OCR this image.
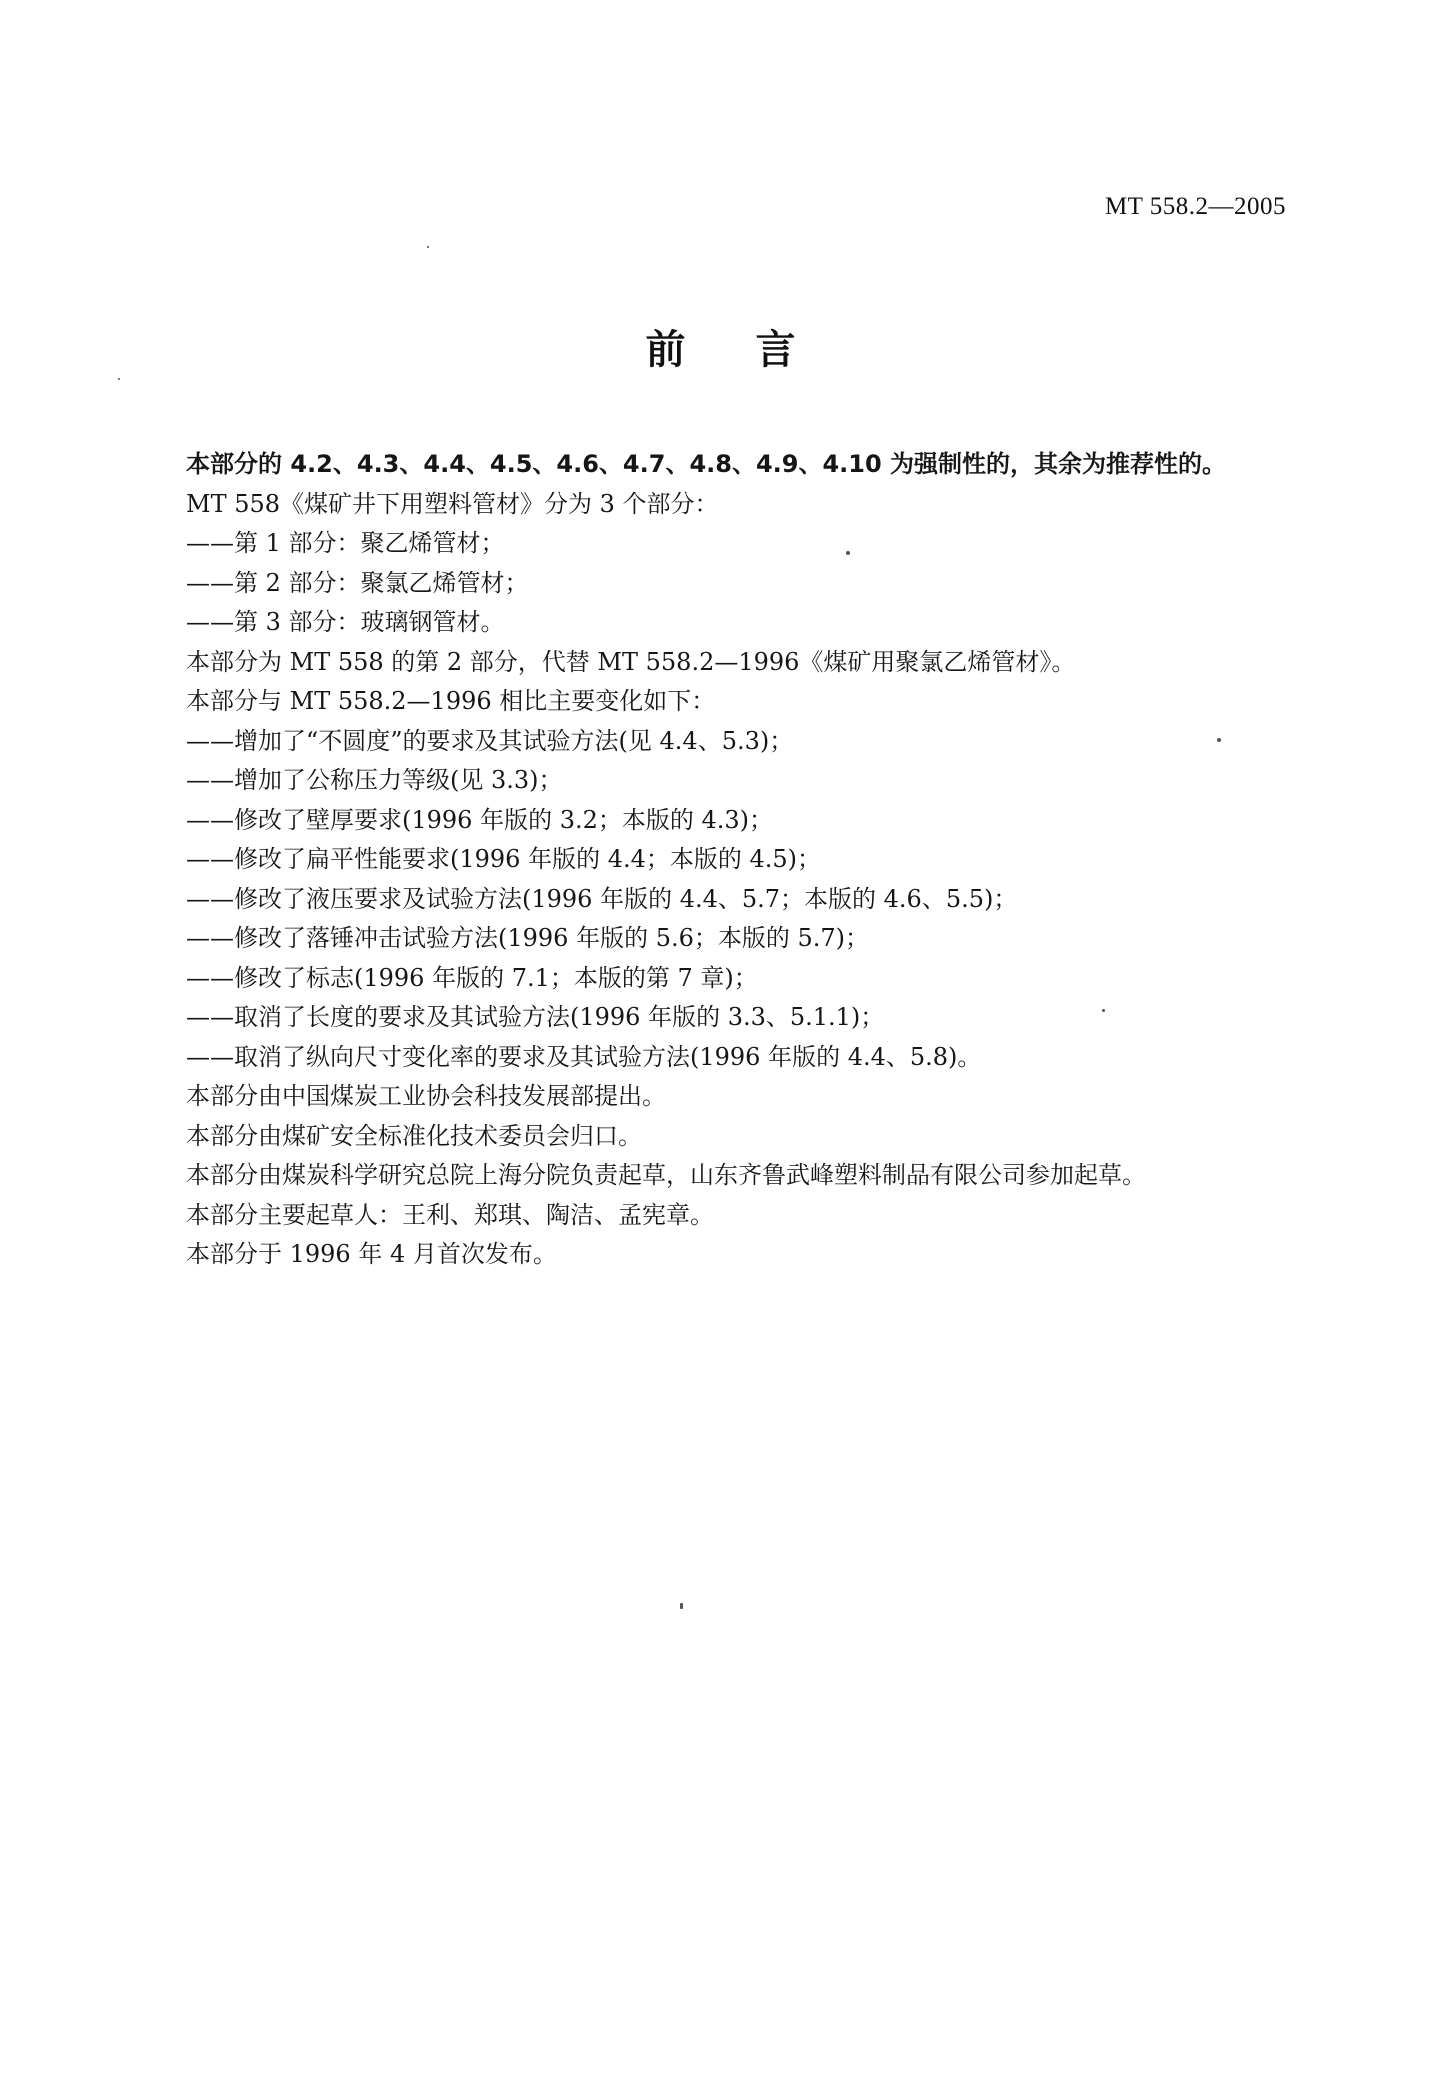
MT 558.2—2005
前言
本部分的 4.2、4.3、4.4、4.5、4.6、4.7、4.8、4.9、4.10 为强制性的，其余为推荐性的。
MT 558《煤矿井下用塑料管材》分为 3 个部分：
——第 1 部分：聚乙烯管材；
——第 2 部分：聚氯乙烯管材；
——第 3 部分：玻璃钢管材。
本部分为 MT 558 的第 2 部分，代替 MT 558.2—1996《煤矿用聚氯乙烯管材》。
本部分与 MT 558.2—1996 相比主要变化如下：
——增加了“不圆度”的要求及其试验方法(见 4.4、5.3)；
——增加了公称压力等级(见 3.3)；
——修改了壁厚要求(1996 年版的 3.2；本版的 4.3)；
——修改了扁平性能要求(1996 年版的 4.4；本版的 4.5)；
——修改了液压要求及试验方法(1996 年版的 4.4、5.7；本版的 4.6、5.5)；
——修改了落锤冲击试验方法(1996 年版的 5.6；本版的 5.7)；
——修改了标志(1996 年版的 7.1；本版的第 7 章)；
——取消了长度的要求及其试验方法(1996 年版的 3.3、5.1.1)；
——取消了纵向尺寸变化率的要求及其试验方法(1996 年版的 4.4、5.8)。
本部分由中国煤炭工业协会科技发展部提出。
本部分由煤矿安全标准化技术委员会归口。
本部分由煤炭科学研究总院上海分院负责起草，山东齐鲁武峰塑料制品有限公司参加起草。
本部分主要起草人：王利、郑琪、陶洁、孟宪章。
本部分于 1996 年 4 月首次发布。
